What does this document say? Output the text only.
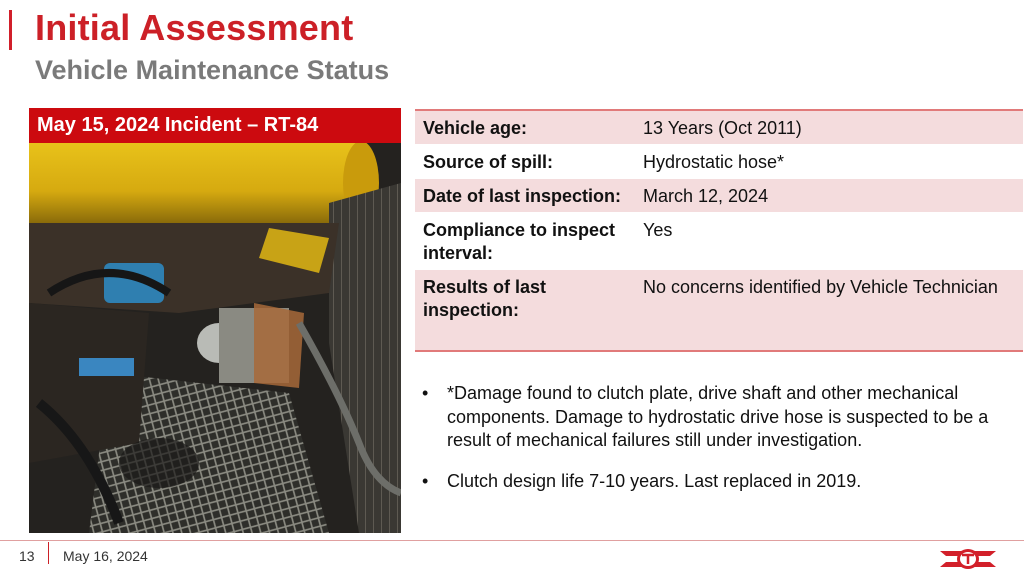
Initial Assessment
Vehicle Maintenance Status
May 15, 2024 Incident – RT-84	Vehicle age:	13 Years (Oct 2011)
Source of spill:	Hydrostatic hose*
Date of last inspection:	March 12, 2024
Compliance to inspect interval:	Yes
Results of last inspection:	No concerns identified by Vehicle Technician
• *Damage found to clutch plate, drive shaft and other mechanical components. Damage to hydrostatic drive hose is suspected to be a result of mechanical failures still under investigation.
• Clutch design life 7-10 years. Last replaced in 2019.
13 May 16, 2024
